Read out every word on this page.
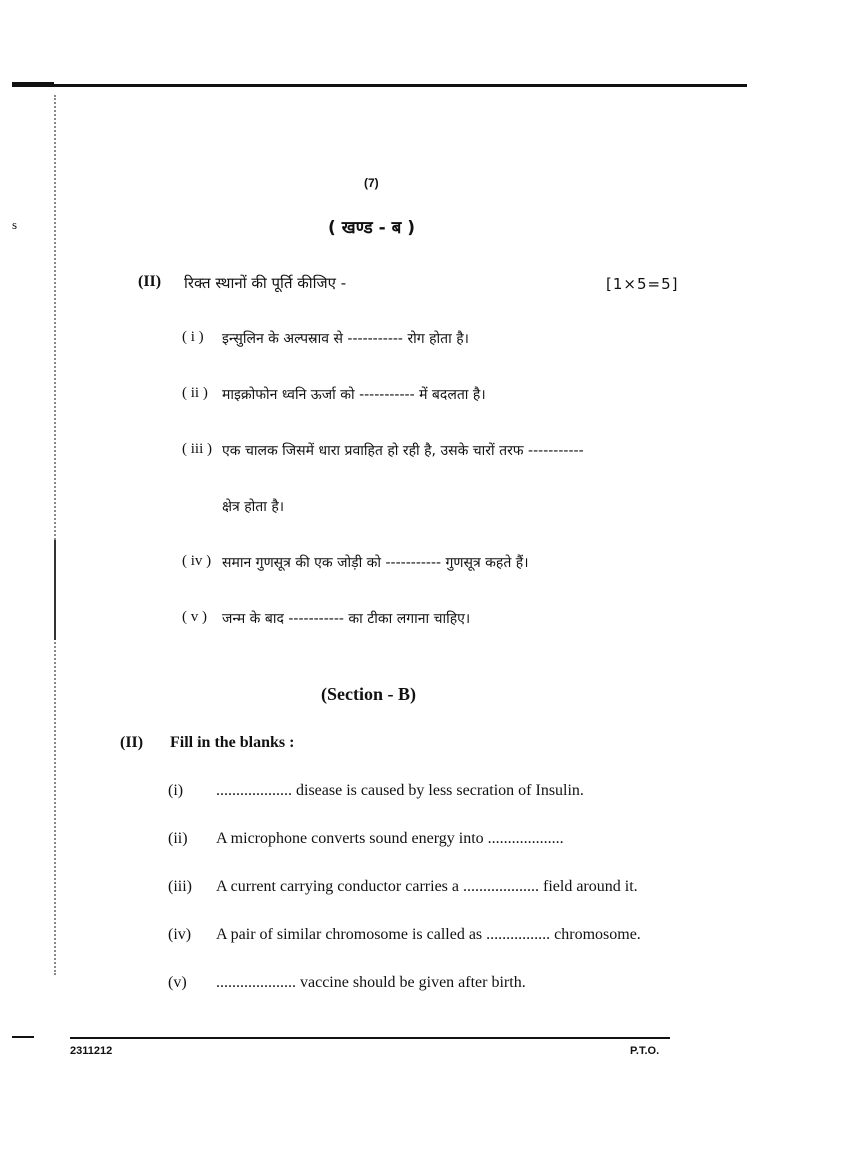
s
(7)
( खण्ड - ब )
(II) रिक्त स्थानों की पूर्ति कीजिए -	[1×5=5]
( i ) इन्सुलिन के अल्पस्राव से ----------- रोग होता है।
( ii ) माइक्रोफोन ध्वनि ऊर्जा को ----------- में बदलता है।
( iii ) एक चालक जिसमें धारा प्रवाहित हो रही है, उसके चारों तरफ -----------
क्षेत्र होता है।
( iv ) समान गुणसूत्र की एक जोड़ी को ----------- गुणसूत्र कहते हैं।
( v ) जन्म के बाद ----------- का टीका लगाना चाहिए।
(Section - B)
(II) Fill in the blanks :
(i) ................... disease is caused by less secration of Insulin.
(ii) A microphone converts sound energy into ...................
(iii) A current carrying conductor carries a ................... field around it.
(iv) A pair of similar chromosome is called as ................ chromosome.
(v) .................... vaccine should be given after birth.
2311212	P.T.O.
